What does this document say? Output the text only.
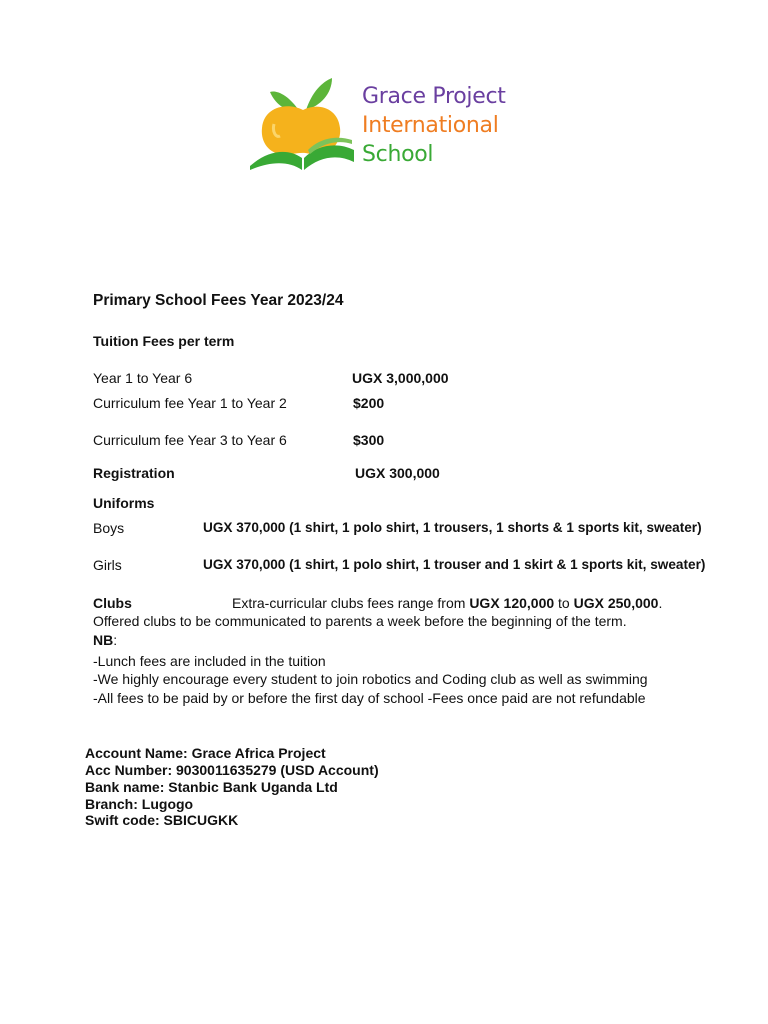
Grace Project
International
School
Primary School Fees Year 2023/24
Tuition Fees per term
Year 1 to Year 6	UGX 3,000,000
Curriculum fee Year 1 to Year 2	$200
Curriculum fee Year 3 to Year 6	$300
Registration	UGX 300,000
Uniforms
Boys	UGX 370,000 (1 shirt, 1 polo shirt, 1 trousers, 1 shorts & 1 sports kit, sweater)
Girls	UGX 370,000 (1 shirt, 1 polo shirt, 1 trouser and 1 skirt & 1 sports kit, sweater)
Clubs	Extra-curricular clubs fees range from UGX 120,000 to UGX 250,000.
Offered clubs to be communicated to parents a week before the beginning of the term.
NB:
-Lunch fees are included in the tuition
-We highly encourage every student to join robotics and Coding club as well as swimming
-All fees to be paid by or before the first day of school -Fees once paid are not refundable
Account Name: Grace Africa Project
Acc Number: 9030011635279 (USD Account)
Bank name: Stanbic Bank Uganda Ltd
Branch: Lugogo
Swift code: SBICUGKK
